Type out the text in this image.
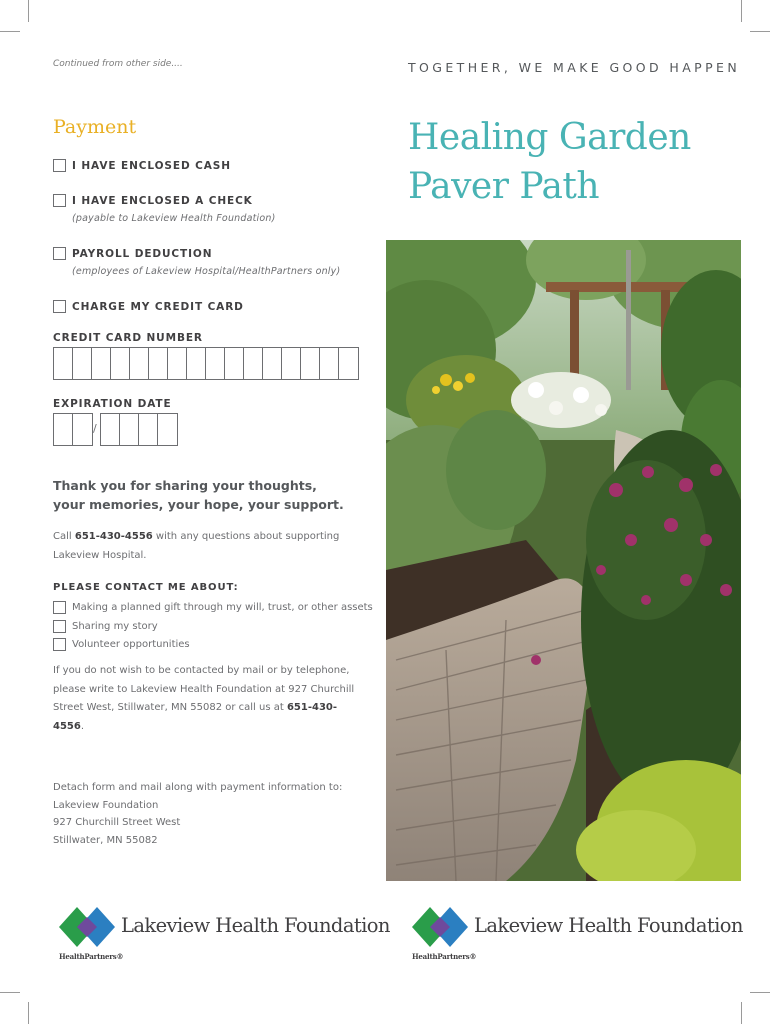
Continued from other side....	TOGETHER, WE MAKE GOOD HAPPEN
Payment
I HAVE ENCLOSED CASH
I HAVE ENCLOSED A CHECK
(payable to Lakeview Health Foundation)
PAYROLL DEDUCTION
(employees of Lakeview Hospital/HealthPartners only)
CHARGE MY CREDIT CARD
CREDIT CARD NUMBER
EXPIRATION DATE
/
Thank you for sharing your thoughts, your memories, your hope, your support.
Call 651-430-4556 with any questions about supporting Lakeview Hospital.
PLEASE CONTACT ME ABOUT:
Making a planned gift through my will, trust, or other assets
Sharing my story
Volunteer opportunities
If you do not wish to be contacted by mail or by telephone, please write to Lakeview Health Foundation at 927 Churchill Street West, Stillwater, MN 55082 or call us at 651-430-4556.
Detach form and mail along with payment information to:
Lakeview Foundation
927 Churchill Street West
Stillwater, MN 55082
Healing Garden
Paver Path
Lakeview Health Foundation
HealthPartners®
Lakeview Health Foundation
HealthPartners®
